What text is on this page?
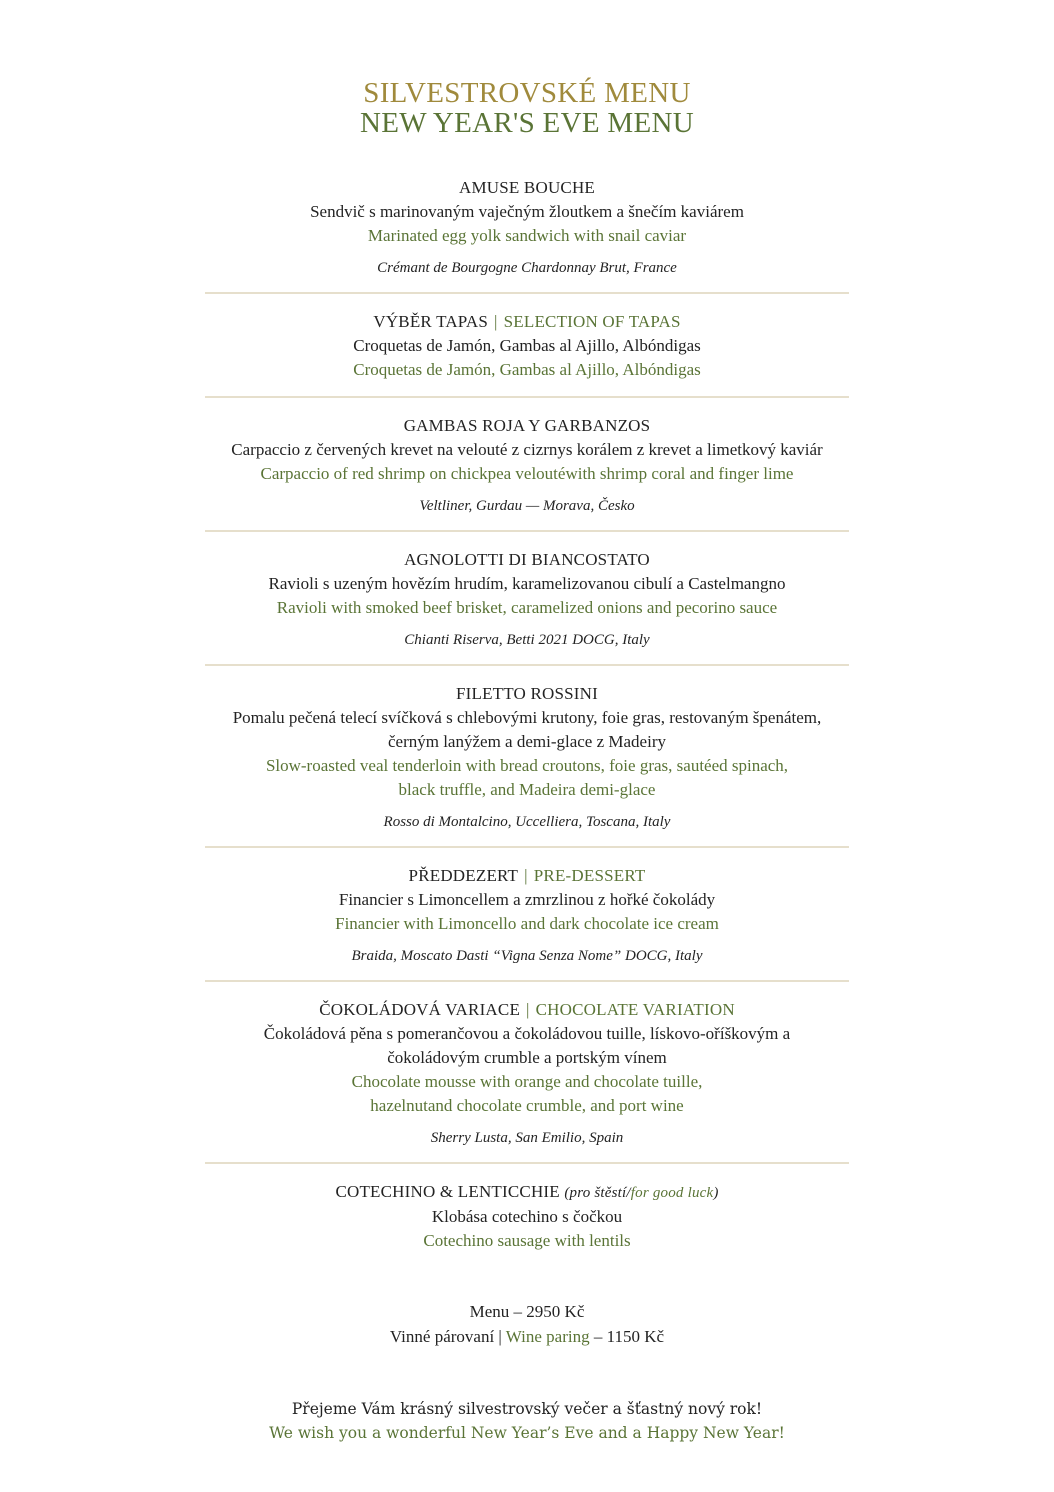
SILVESTROVSKÉ MENU
NEW YEAR'S EVE MENU
AMUSE BOUCHE
Sendvič s marinovaným vaječným žloutkem a šnečím kaviárem
Marinated egg yolk sandwich with snail caviar
Crémant de Bourgogne Chardonnay Brut, France
VÝBĚR TAPAS | SELECTION OF TAPAS
Croquetas de Jamón, Gambas al Ajillo, Albóndigas
Croquetas de Jamón, Gambas al Ajillo, Albóndigas
GAMBAS ROJA Y GARBANZOS
Carpaccio z červených krevet na velouté z cizrnys korálem z krevet a limetkový kaviár
Carpaccio of red shrimp on chickpea veloutéwith shrimp coral and finger lime
Veltliner, Gurdau — Morava, Česko
AGNOLOTTI DI BIANCOSTATO
Ravioli s uzeným hovězím hrudím, karamelizovanou cibulí a Castelmangno
Ravioli with smoked beef brisket, caramelized onions and pecorino sauce
Chianti Riserva, Betti 2021 DOCG, Italy
FILETTO ROSSINI
Pomalu pečená telecí svíčková s chlebovými krutony, foie gras, restovaným špenátem,
černým lanýžem a demi-glace z Madeiry
Slow-roasted veal tenderloin with bread croutons, foie gras, sautéed spinach,
black truffle, and Madeira demi-glace
Rosso di Montalcino, Uccelliera, Toscana, Italy
PŘEDDEZERT | PRE-DESSERT
Financier s Limoncellem a zmrzlinou z hořké čokolády
Financier with Limoncello and dark chocolate ice cream
Braida, Moscato Dasti “Vigna Senza Nome” DOCG, Italy
ČOKOLÁDOVÁ VARIACE | CHOCOLATE VARIATION
Čokoládová pěna s pomerančovou a čokoládovou tuille, lískovo-oříškovým a
čokoládovým crumble a portským vínem
Chocolate mousse with orange and chocolate tuille,
hazelnutand chocolate crumble, and port wine
Sherry Lusta, San Emilio, Spain
COTECHINO & LENTICCHIE (pro štěstí/for good luck)
Klobása cotechino s čočkou
Cotechino sausage with lentils
Menu – 2950 Kč
Vinné párovaní | Wine paring – 1150 Kč
Přejeme Vám krásný silvestrovský večer a šťastný nový rok!
We wish you a wonderful New Year’s Eve and a Happy New Year!
